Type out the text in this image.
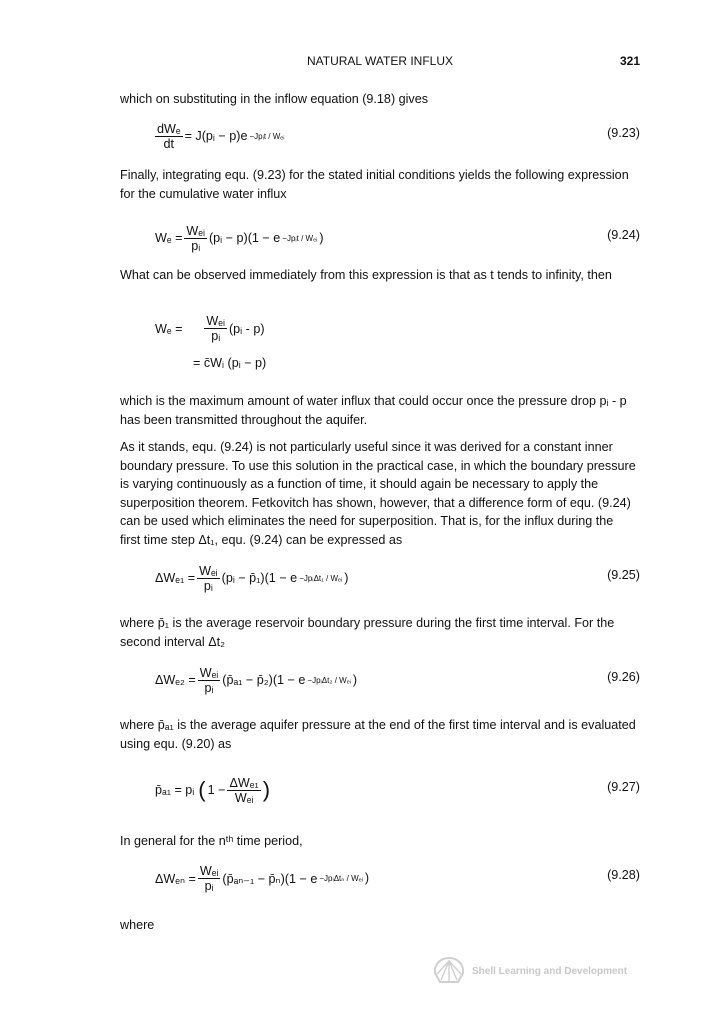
NATURAL WATER INFLUX	321

which on substituting in the inflow equation (9.18) gives

$\frac{\text{dWₑ}}{dt}$ = J(pᵢ − p)e −Jpᵢt / Wₑᵢ	(9.23)

Finally, integrating equ. (9.23) for the stated initial conditions yields the following expression for the cumulative water influx

$W_e = \frac{\text{Wₑᵢ}}{\text{pᵢ}}$ (pᵢ − p)(1 − e −Jpᵢt / Wₑᵢ )	(9.24)

What can be observed immediately from this expression is that as t tends to infinity, then

$W_e = \frac{\text{Wₑᵢ}}{\text{pᵢ}}$ (pᵢ - p)
= c̄Wᵢ (pᵢ − p)

which is the maximum amount of water influx that could occur once the pressure drop pᵢ - p has been transmitted throughout the aquifer.

As it stands, equ. (9.24) is not particularly useful since it was derived for a constant inner boundary pressure. To use this solution in the practical case, in which the boundary pressure is varying continuously as a function of time, it should again be necessary to apply the superposition theorem. Fetkovitch has shown, however, that a difference form of equ. (9.24) can be used which eliminates the need for superposition. That is, for the influx during the first time step Δt₁, equ. (9.24) can be expressed as

$\Delta W_{e1} = \frac{\text{Wₑᵢ}}{\text{pᵢ}}$ (pᵢ − p̄₁)(1 − e −JpᵢΔt₁ / Wₑᵢ )	(9.25)

where p̄₁ is the average reservoir boundary pressure during the first time interval. For the second interval Δt₂

$\Delta W_{e2} = \frac{\text{Wₑᵢ}}{\text{pᵢ}}$ (p̄ₐ₁ − p̄₂)(1 − e −JpᵢΔt₂ / Wₑᵢ )	(9.26)

where p̄ₐ₁ is the average aquifer pressure at the end of the first time interval and is evaluated using equ. (9.20) as

p̄ₐ₁ = pᵢ ( $1 - \frac{\text{ΔWₑ₁}}{\text{Wₑᵢ}}$ )	(9.27)

In general for the nᵗʰ time period,

$\Delta W_{en} = \frac{\text{Wₑᵢ}}{\text{pᵢ}}$ (p̄ₐₙ₋₁ − p̄ₙ)(1 − e −JpᵢΔtₙ / Wₑᵢ )	(9.28)

where

Shell Learning and Development
